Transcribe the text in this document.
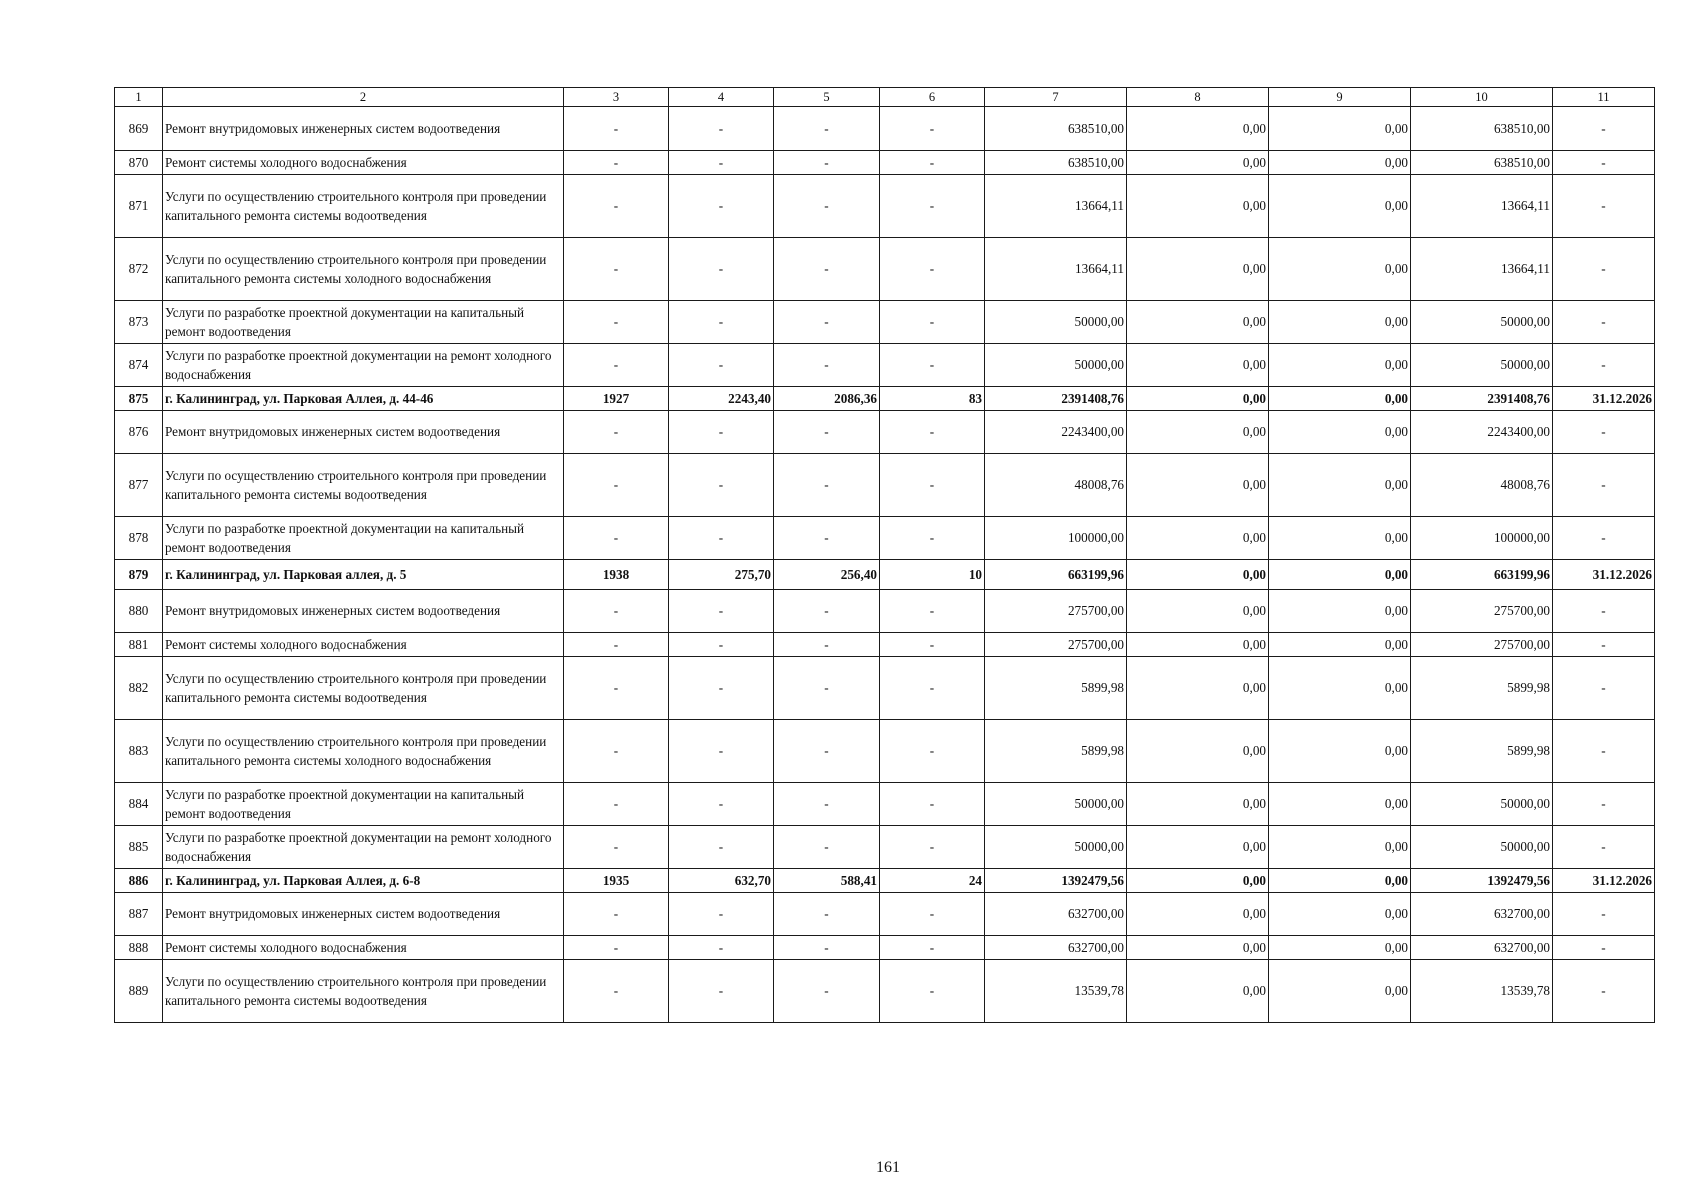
1	2	3	4	5	6	7	8	9	10	11
869	Ремонт внутридомовых инженерных систем водоотведения	-	-	-	-	638510,00	0,00	0,00	638510,00	-
870	Ремонт системы холодного водоснабжения	-	-	-	-	638510,00	0,00	0,00	638510,00	-
871	Услуги по осуществлению строительного контроля при проведении капитального ремонта системы водоотведения	-	-	-	-	13664,11	0,00	0,00	13664,11	-
872	Услуги по осуществлению строительного контроля при проведении капитального ремонта системы холодного водоснабжения	-	-	-	-	13664,11	0,00	0,00	13664,11	-
873	Услуги по разработке проектной документации на капитальный ремонт водоотведения	-	-	-	-	50000,00	0,00	0,00	50000,00	-
874	Услуги по разработке проектной документации на ремонт холодного водоснабжения	-	-	-	-	50000,00	0,00	0,00	50000,00	-
875	г. Калининград, ул. Парковая Аллея, д. 44-46	1927	2243,40	2086,36	83	2391408,76	0,00	0,00	2391408,76	31.12.2026
876	Ремонт внутридомовых инженерных систем водоотведения	-	-	-	-	2243400,00	0,00	0,00	2243400,00	-
877	Услуги по осуществлению строительного контроля при проведении капитального ремонта системы водоотведения	-	-	-	-	48008,76	0,00	0,00	48008,76	-
878	Услуги по разработке проектной документации на капитальный ремонт водоотведения	-	-	-	-	100000,00	0,00	0,00	100000,00	-
879	г. Калининград, ул. Парковая аллея, д. 5	1938	275,70	256,40	10	663199,96	0,00	0,00	663199,96	31.12.2026
880	Ремонт внутридомовых инженерных систем водоотведения	-	-	-	-	275700,00	0,00	0,00	275700,00	-
881	Ремонт системы холодного водоснабжения	-	-	-	-	275700,00	0,00	0,00	275700,00	-
882	Услуги по осуществлению строительного контроля при проведении капитального ремонта системы водоотведения	-	-	-	-	5899,98	0,00	0,00	5899,98	-
883	Услуги по осуществлению строительного контроля при проведении капитального ремонта системы холодного водоснабжения	-	-	-	-	5899,98	0,00	0,00	5899,98	-
884	Услуги по разработке проектной документации на капитальный ремонт водоотведения	-	-	-	-	50000,00	0,00	0,00	50000,00	-
885	Услуги по разработке проектной документации на ремонт холодного водоснабжения	-	-	-	-	50000,00	0,00	0,00	50000,00	-
886	г. Калининград, ул. Парковая Аллея, д. 6-8	1935	632,70	588,41	24	1392479,56	0,00	0,00	1392479,56	31.12.2026
887	Ремонт внутридомовых инженерных систем водоотведения	-	-	-	-	632700,00	0,00	0,00	632700,00	-
888	Ремонт системы холодного водоснабжения	-	-	-	-	632700,00	0,00	0,00	632700,00	-
889	Услуги по осуществлению строительного контроля при проведении капитального ремонта системы водоотведения	-	-	-	-	13539,78	0,00	0,00	13539,78	-
161
